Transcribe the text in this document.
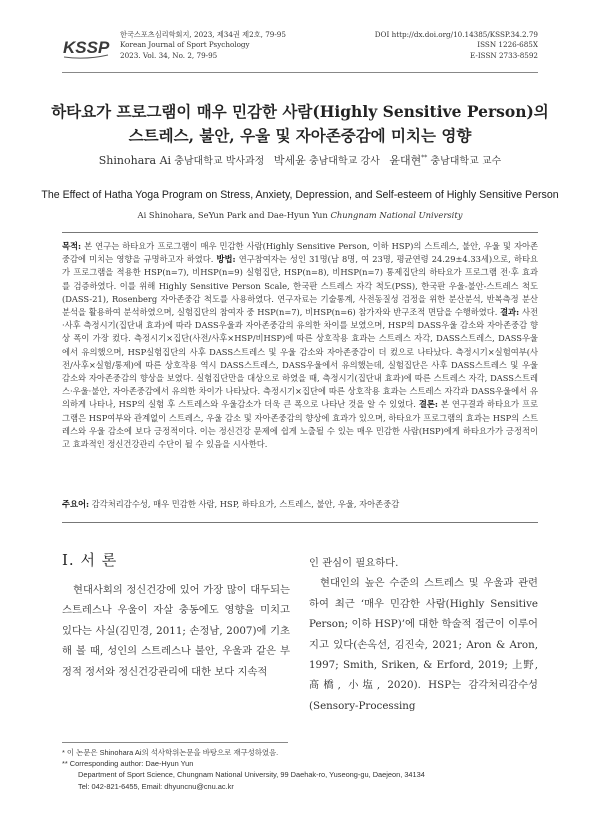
KSSP
한국스포츠심리학회지, 2023, 제34권 제2호, 79-95
Korean Journal of Sport Psychology
2023. Vol. 34, No. 2, 79-95
DOI http://dx.doi.org/10.14385/KSSP.34.2.79
ISSN 1226-685X
E-ISSN 2733-8592
하타요가 프로그램이 매우 민감한 사람(Highly Sensitive Person)의
스트레스, 불안, 우울 및 자아존중감에 미치는 영향
Shinohara Ai 충남대학교 박사과정 박세윤 충남대학교 강사 윤대현** 충남대학교 교수
The Effect of Hatha Yoga Program on Stress, Anxiety, Depression, and Self-esteem of Highly Sensitive Person
Ai Shinohara, SeYun Park and Dae-Hyun Yun Chungnam National University
목적: 본 연구는 하타요가 프로그램이 매우 민감한 사람(Highly Sensitive Person, 이하 HSP)의 스트레스, 불안, 우울 및 자아존중감에 미치는 영향을 규명하고자 하였다. 방법: 연구참여자는 성인 31명(남 8명, 여 23명, 평균연령 24.29±4.33세)으로, 하타요가 프로그램을 적용한 HSP(n=7), 비HSP(n=9) 실험집단, HSP(n=8), 비HSP(n=7) 통제집단의 하타요가 프로그램 전·후 효과를 검증하였다. 이를 위해 Highly Sensitive Person Scale, 한국판 스트레스 자각 척도(PSS), 한국판 우울-불안-스트레스 척도(DASS-21), Rosenberg 자아존중감 척도를 사용하였다. 연구자료는 기술통계, 사전동질성 검정을 위한 분산분석, 반복측정 분산분석을 활용하여 분석하였으며, 실험집단의 참여자 중 HSP(n=7), 비HSP(n=6) 참가자와 반구조적 면담을 수행하였다. 결과: 사전·사후 측정시기(집단내 효과)에 따라 DASS우울과 자아존중감의 유의한 차이를 보였으며, HSP의 DASS우울 감소와 자아존중감 향상 폭이 가장 컸다. 측정시기×집단(사전/사후×HSP/비HSP)에 따른 상호작용 효과는 스트레스 자각, DASS스트레스, DASS우울에서 유의했으며, HSP실험집단의 사후 DASS스트레스 및 우울 감소와 자아존중감이 더 컸으로 나타났다. 측정시기×실험여부(사전/사후×실험/통제)에 따른 상호작용 역시 DASS스트레스, DASS우울에서 유의했는데, 실험집단은 사후 DASS스트레스 및 우울 감소와 자아존중감의 향상을 보였다. 실험집단만을 대상으로 하였을 때, 측정시기(집단내 효과)에 따른 스트레스 자각, DASS스트레스·우울·불안, 자아존중감에서 유의한 차이가 나타났다. 측정시기×집단에 따른 상호작용 효과는 스트레스 자각과 DASS우울에서 유의하게 나타나, HSP의 실험 후 스트레스와 우울감소가 더욱 큰 폭으로 나타난 것을 알 수 있었다. 결론: 본 연구결과 하타요가 프로그램은 HSP여부와 관계없이 스트레스, 우울 감소 및 자아존중감의 향상에 효과가 있으며, 하타요가 프로그램의 효과는 HSP의 스트레스와 우울 감소에 보다 긍정적이다. 이는 정신건강 문제에 쉽게 노출될 수 있는 매우 민감한 사람(HSP)에게 하타요가가 긍정적이고 효과적인 정신건강관리 수단이 될 수 있음을 시사한다.
주요어: 감각처리감수성, 매우 민감한 사람, HSP, 하타요가, 스트레스, 불안, 우울, 자아존중감
I. 서 론

현대사회의 정신건강에 있어 가장 많이 대두되는 스트레스나 우울이 자살 충동에도 영향을 미치고 있다는 사실(김민경, 2011; 손정남, 2007)에 기초해 볼 때, 성인의 스트레스나 불안, 우울과 같은 부정적 정서와 정신건강관리에 대한 보다 지속적

인 관심이 필요하다.

현대인의 높은 수준의 스트레스 및 우울과 관련하여 최근 ‘매우 민감한 사람(Highly Sensitive Person; 이하 HSP)’에 대한 학술적 접근이 이루어지고 있다(손옥선, 김진숙, 2021; Aron & Aron, 1997; Smith, Sriken, & Erford, 2019; 上野, 髙橋, 小塩, 2020). HSP는 감각처리감수성(Sensory-Processing

* 이 논문은 Shinohara Ai의 석사학위논문을 바탕으로 재구성하였음.
** Corresponding author: Dae-Hyun Yun
Department of Sport Science, Chungnam National University, 99 Daehak-ro, Yuseong-gu, Daejeon, 34134
Tel: 042-821-6455, Email: dhyuncnu@cnu.ac.kr
